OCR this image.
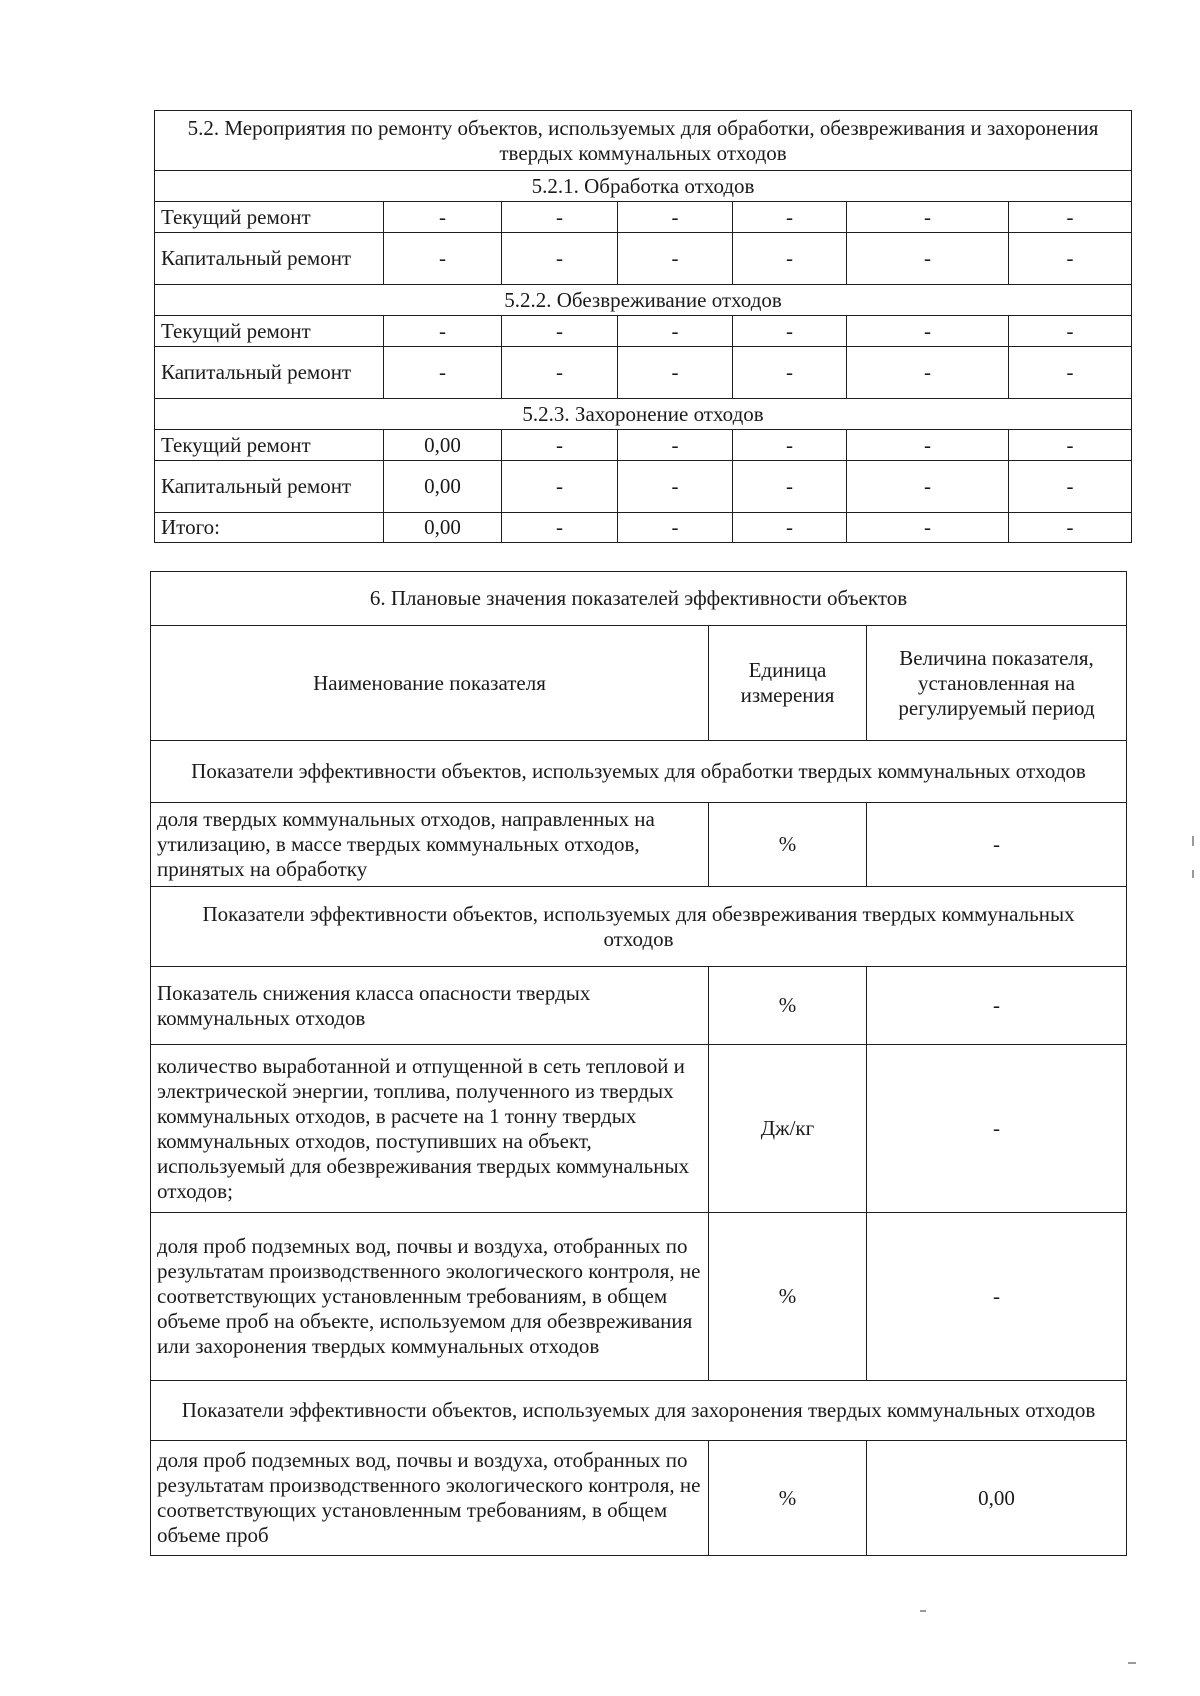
5.2. Мероприятия по ремонту объектов, используемых для обработки, обезвреживания и захоронения твердых коммунальных отходов						
5.2.1. Обработка отходов						
Текущий ремонт	-	-	-	-	-	-
Капитальный ремонт	-	-	-	-	-	-
5.2.2. Обезвреживание отходов						
Текущий ремонт	-	-	-	-	-	-
Капитальный ремонт	-	-	-	-	-	-
5.2.3. Захоронение отходов						
Текущий ремонт	0,00	-	-	-	-	-
Капитальный ремонт	0,00	-	-	-	-	-
Итого:	0,00	-	-	-	-	-
6. Плановые значения показателей эффективности объектов		
Наименование показателя	Единица измерения	Величина показателя, установленная на регулируемый период
Показатели эффективности объектов, используемых для обработки твердых коммунальных отходов		
доля твердых коммунальных отходов, направленных на утилизацию, в массе твердых коммунальных отходов, принятых на обработку	%	-
Показатели эффективности объектов, используемых для обезвреживания твердых коммунальных отходов		
Показатель снижения класса опасности твердых коммунальных отходов	%	-
количество выработанной и отпущенной в сеть тепловой и электрической энергии, топлива, полученного из твердых коммунальных отходов, в расчете на 1 тонну твердых коммунальных отходов, поступивших на объект, используемый для обезвреживания твердых коммунальных отходов;	Дж/кг	-
доля проб подземных вод, почвы и воздуха, отобранных по результатам производственного экологического контроля, не соответствующих установленным требованиям, в общем объеме проб на объекте, используемом для обезвреживания или захоронения твердых коммунальных отходов	%	-
Показатели эффективности объектов, используемых для захоронения твердых коммунальных отходов		
доля проб подземных вод, почвы и воздуха, отобранных по результатам производственного экологического контроля, не соответствующих установленным требованиям, в общем объеме проб	%	0,00
